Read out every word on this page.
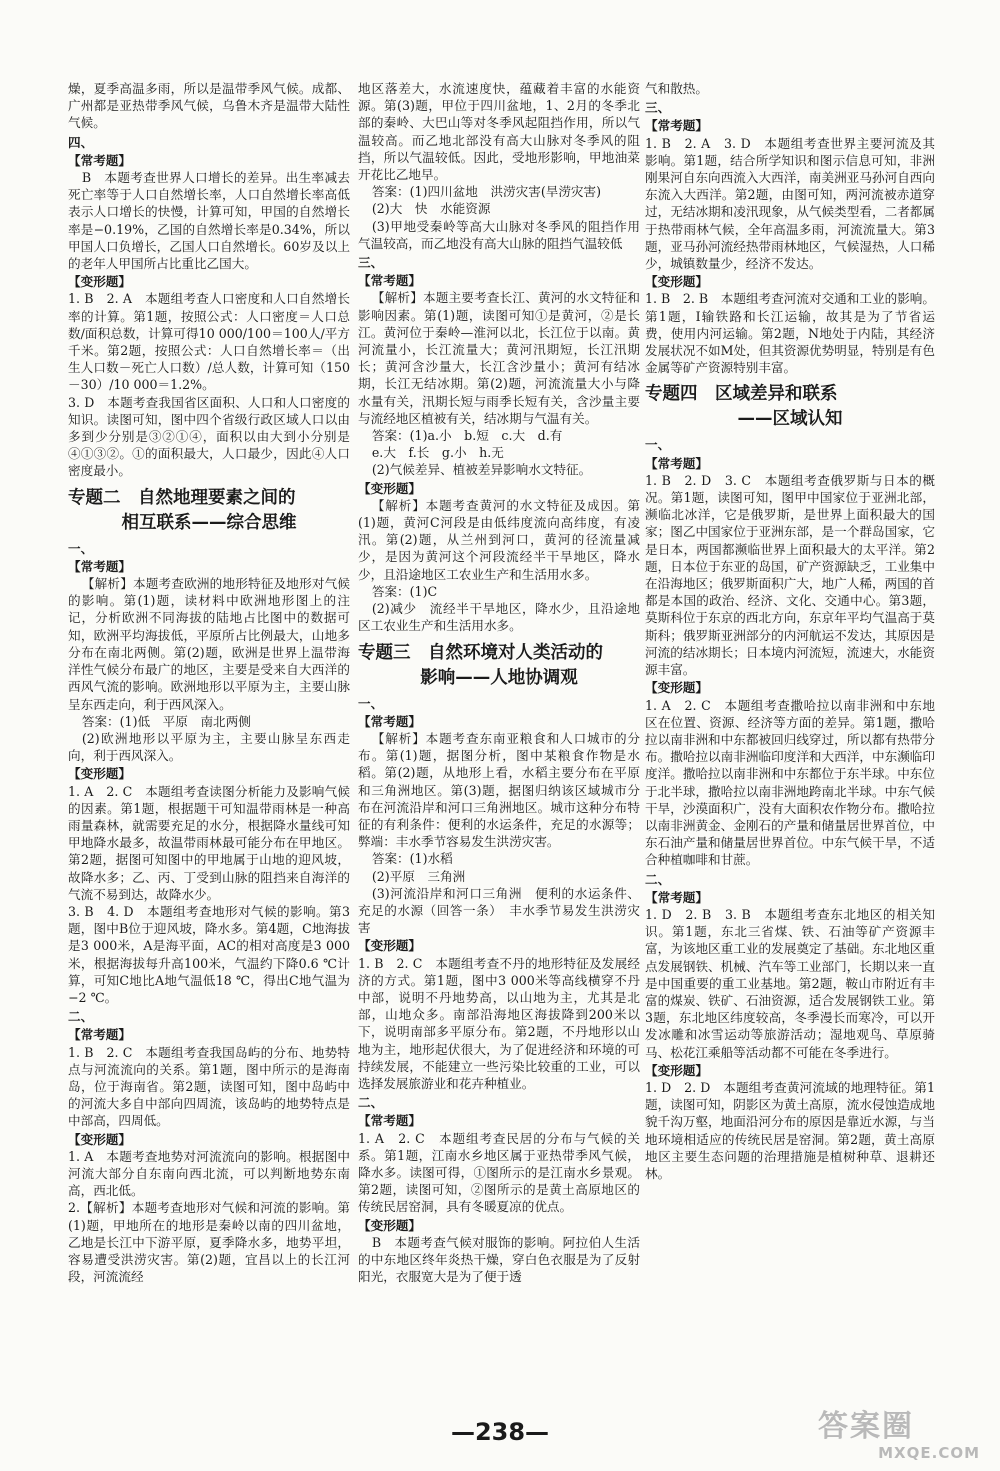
燥，夏季高温多雨，所以是温带季风气候。成都、广州都是亚热带季风气候，乌鲁木齐是温带大陆性气候。

四、

【常考题】

B　本题考查世界人口增长的差异。出生率减去死亡率等于人口自然增长率，人口自然增长率高低表示人口增长的快慢，计算可知，甲国的自然增长率是−0.19%，乙国的自然增长率是0.34%，所以甲国人口负增长，乙国人口自然增长。60岁及以上的老年人甲国所占比重比乙国大。

【变形题】

1. B　2. A　本题组考查人口密度和人口自然增长率的计算。第1题，按照公式：人口密度＝人口总数/面积总数，计算可得10 000/100＝100人/平方千米。第2题，按照公式：人口自然增长率＝（出生人口数－死亡人口数）/总人数，计算可知（150－30）/10 000＝1.2%。

3. D　本题考查我国省区面积、人口和人口密度的知识。读图可知，图中四个省级行政区域人口以由多到少分别是③②①④，面积以由大到小分别是④①③②。①的面积最大，人口最少，因此④人口密度最小。

专题二　自然地理要素之间的
相互联系——综合思维

一、

【常考题】

【解析】本题考查欧洲的地形特征及地形对气候的影响。第(1)题，读材料中欧洲地形图上的注记，分析欧洲不同海拔的陆地占比图中的数据可知，欧洲平均海拔低，平原所占比例最大，山地多分布在南北两侧。第(2)题，欧洲是世界上温带海洋性气候分布最广的地区，主要是受来自大西洋的西风气流的影响。欧洲地形以平原为主，主要山脉呈东西走向，利于西风深入。

答案：(1)低　平原　南北两侧

(2)欧洲地形以平原为主，主要山脉呈东西走向，利于西风深入。

【变形题】

1. A　2. C　本题组考查读图分析能力及影响气候的因素。第1题，根据题干可知温带雨林是一种高雨量森林，就需要充足的水分，根据降水量线可知甲地降水最多，故温带雨林最可能分布在甲地区。第2题，据图可知图中的甲地属于山地的迎风坡，故降水多；乙、丙、丁受到山脉的阻挡来自海洋的气流不易到达，故降水少。

3. B　4. D　本题组考查地形对气候的影响。第3题，图中B位于迎风坡，降水多。第4题，C地海拔是3 000米，A是海平面，AC的相对高度是3 000米，根据海拔每升高100米，气温约下降0.6 ℃计算，可知C地比A地气温低18 ℃，得出C地气温为−2 ℃。

二、

【常考题】

1. B　2. C　本题组考查我国岛屿的分布、地势特点与河流流向的关系。第1题，图中所示的是海南岛，位于海南省。第2题，读图可知，图中岛屿中的河流大多自中部向四周流，该岛屿的地势特点是中部高，四周低。

【变形题】

1. A　本题考查地势对河流流向的影响。根据图中河流大部分自东南向西北流，可以判断地势东南高，西北低。

2.【解析】本题考查地形对气候和河流的影响。第(1)题，甲地所在的地形是秦岭以南的四川盆地，乙地是长江中下游平原，夏季降水多，地势平坦，容易遭受洪涝灾害。第(2)题，宜昌以上的长江河段，河流流经

地区落差大，水流速度快，蕴藏着丰富的水能资源。第(3)题，甲位于四川盆地，1、2月的冬季北部的秦岭、大巴山等对冬季风起阻挡作用，所以气温较高。而乙地北部没有高大山脉对冬季风的阻挡，所以气温较低。因此，受地形影响，甲地油菜开花比乙地早。

答案：(1)四川盆地　洪涝灾害(旱涝灾害)

(2)大　快　水能资源

(3)甲地受秦岭等高大山脉对冬季风的阻挡作用气温较高，而乙地没有高大山脉的阻挡气温较低

三、

【常考题】

【解析】本题主要考查长江、黄河的水文特征和影响因素。第(1)题，读图可知①是黄河，②是长江。黄河位于秦岭—淮河以北，长江位于以南。黄河流量小，长江流量大；黄河汛期短，长江汛期长；黄河含沙量大，长江含沙量小；黄河有结冰期，长江无结冰期。第(2)题，河流流量大小与降水量有关，汛期长短与雨季长短有关，含沙量主要与流经地区植被有关，结冰期与气温有关。

答案：(1)a.小　b.短　c.大　d.有

e.大　f.长　g.小　h.无

(2)气候差异、植被差异影响水文特征。

【变形题】

【解析】本题考查黄河的水文特征及成因。第(1)题，黄河C河段是由低纬度流向高纬度，有凌汛。第(2)题，从兰州到河口，黄河的径流量减少，是因为黄河这个河段流经半干旱地区，降水少，且沿途地区工农业生产和生活用水多。

答案：(1)C

(2)减少　流经半干旱地区，降水少，且沿途地区工农业生产和生活用水多。

专题三　自然环境对人类活动的
影响——人地协调观

一、

【常考题】

【解析】本题考查东南亚粮食和人口城市的分布。第(1)题，据图分析，图中某粮食作物是水稻。第(2)题，从地形上看，水稻主要分布在平原和三角洲地区。第(3)题，据图归纳该区域城市分布在河流沿岸和河口三角洲地区。城市这种分布特征的有利条件：便利的水运条件，充足的水源等；弊端：丰水季节容易发生洪涝灾害。

答案：(1)水稻

(2)平原　三角洲

(3)河流沿岸和河口三角洲　便利的水运条件、充足的水源（回答一条）　丰水季节易发生洪涝灾害

【变形题】

1. B　2. C　本题组考查不丹的地形特征及发展经济的方式。第1题，图中3 000米等高线横穿不丹中部，说明不丹地势高，以山地为主，尤其是北部，山地众多。南部沿海地区海拔降到200米以下，说明南部多平原分布。第2题，不丹地形以山地为主，地形起伏很大，为了促进经济和环境的可持续发展，不能建立一些污染比较重的工业，可以选择发展旅游业和花卉种植业。

二、

【常考题】

1. A　2. C　本题组考查民居的分布与气候的关系。第1题，江南水乡地区属于亚热带季风气候，降水多。读图可得，①图所示的是江南水乡景观。第2题，读图可知，②图所示的是黄土高原地区的传统民居窑洞，具有冬暖夏凉的优点。

【变形题】

B　本题考查气候对服饰的影响。阿拉伯人生活的中东地区终年炎热干燥，穿白色衣服是为了反射阳光，衣服宽大是为了便于透

气和散热。

三、

【常考题】

1. B　2. A　3. D　本题组考查世界主要河流及其影响。第1题，结合所学知识和图示信息可知，非洲刚果河自东向西流入大西洋，南美洲亚马孙河自西向东流入大西洋。第2题，由图可知，两河流被赤道穿过，无结冰期和凌汛现象，从气候类型看，二者都属于热带雨林气候，全年高温多雨，河流流量大。第3题，亚马孙河流经热带雨林地区，气候湿热，人口稀少，城镇数量少，经济不发达。

【变形题】

1. B　2. B　本题组考查河流对交通和工业的影响。第1题，Ⅰ输铁路和长江运输，故其是为了节省运费，使用内河运输。第2题，N地处于内陆，其经济发展状况不如M处，但其资源优势明显，特别是有色金属等矿产资源特别丰富。

专题四　区域差异和联系
——区域认知

一、

【常考题】

1. B　2. D　3. C　本题组考查俄罗斯与日本的概况。第1题，读图可知，图甲中国家位于亚洲北部，濒临北冰洋，它是俄罗斯，是世界上面积最大的国家；图乙中国家位于亚洲东部，是一个群岛国家，它是日本，两国都濒临世界上面积最大的太平洋。第2题，日本位于东亚的岛国，矿产资源缺乏，工业集中在沿海地区；俄罗斯面积广大，地广人稀，两国的首都是本国的政治、经济、文化、交通中心。第3题，莫斯科位于东京的西北方向，东京年平均气温高于莫斯科；俄罗斯亚洲部分的内河航运不发达，其原因是河流的结冰期长；日本境内河流短，流速大，水能资源丰富。

【变形题】

1. A　2. C　本题组考查撒哈拉以南非洲和中东地区在位置、资源、经济等方面的差异。第1题，撒哈拉以南非洲和中东都被回归线穿过，所以都有热带分布。撒哈拉以南非洲临印度洋和大西洋，中东濒临印度洋。撒哈拉以南非洲和中东都位于东半球。中东位于北半球，撒哈拉以南非洲地跨南北半球。中东气候干旱，沙漠面积广，没有大面积农作物分布。撒哈拉以南非洲黄金、金刚石的产量和储量居世界首位，中东石油产量和储量居世界首位。中东气候干旱，不适合种植咖啡和甘蔗。

二、

【常考题】

1. D　2. B　3. B　本题组考查东北地区的相关知识。第1题，东北三省煤、铁、石油等矿产资源丰富，为该地区重工业的发展奠定了基础。东北地区重点发展钢铁、机械、汽车等工业部门，长期以来一直是中国重要的重工业基地。第2题，鞍山市附近有丰富的煤炭、铁矿、石油资源，适合发展钢铁工业。第3题，东北地区纬度较高，冬季漫长而寒冷，可以开发冰雕和冰雪运动等旅游活动；湿地观鸟、草原骑马、松花江乘船等活动都不可能在冬季进行。

【变形题】

1. D　2. D　本题组考查黄河流域的地理特征。第1题，读图可知，阴影区为黄土高原，流水侵蚀造成地貌千沟万壑，地面沿河分布的原因是靠近水源，与当地环境相适应的传统民居是窑洞。第2题，黄土高原地区主要生态问题的治理措施是植树种草、退耕还林。

—238—	答案圈
MXQE.COM
